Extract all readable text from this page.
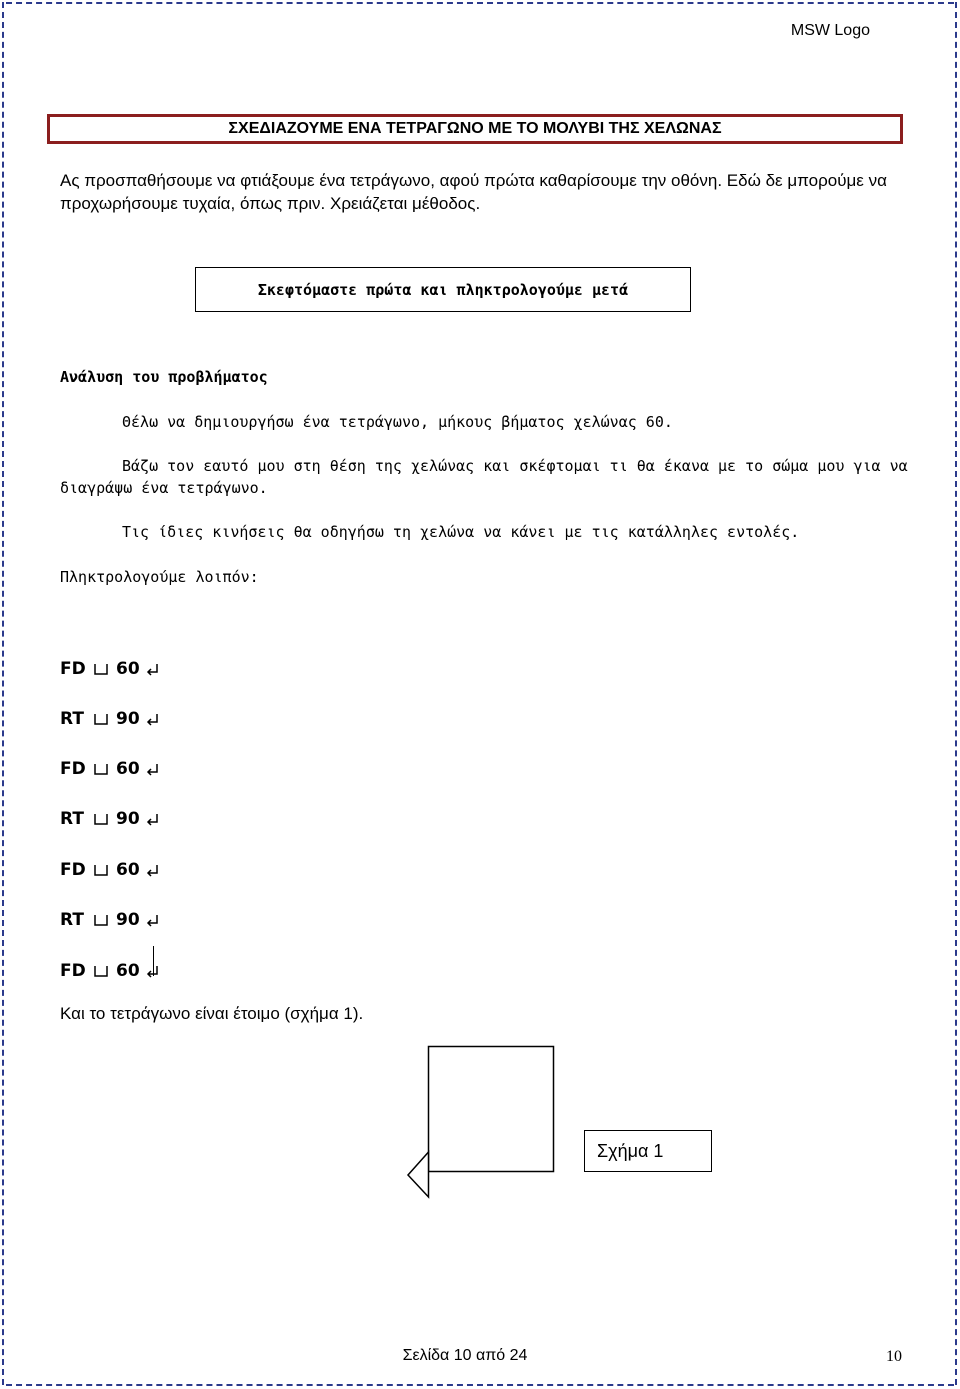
MSW Logo
ΣΧΕΔΙΑΖΟΥΜΕ ΕΝΑ ΤΕΤΡΑΓΩΝΟ ΜΕ ΤΟ ΜΟΛΥΒΙ ΤΗΣ ΧΕΛΩΝΑΣ
Ας προσπαθήσουμε να φτιάξουμε ένα τετράγωνο, αφού πρώτα καθαρίσουμε την οθόνη. Εδώ δε μπορούμε να προχωρήσουμε τυχαία, όπως πριν. Χρειάζεται μέθοδος.
Σκεφτόμαστε πρώτα και πληκτρολογούμε μετά
Ανάλυση του προβλήματος
Θέλω να δημιουργήσω ένα τετράγωνο, μήκους βήματος χελώνας 60.
Βάζω τον εαυτό μου στη θέση της χελώνας και σκέφτομαι τι θα έκανα με το σώμα μου για να διαγράψω ένα τετράγωνο.
Τις ίδιες κινήσεις θα οδηγήσω τη χελώνα να κάνει με τις κατάλληλες εντολές.
Πληκτρολογούμε λοιπόν:
FD	60
RT	90
FD	60
RT	90
FD	60
RT	90
FD	60
Και το τετράγωνο είναι έτοιμο (σχήμα 1).
Σχήμα 1
Σελίδα 10 από 24	10
